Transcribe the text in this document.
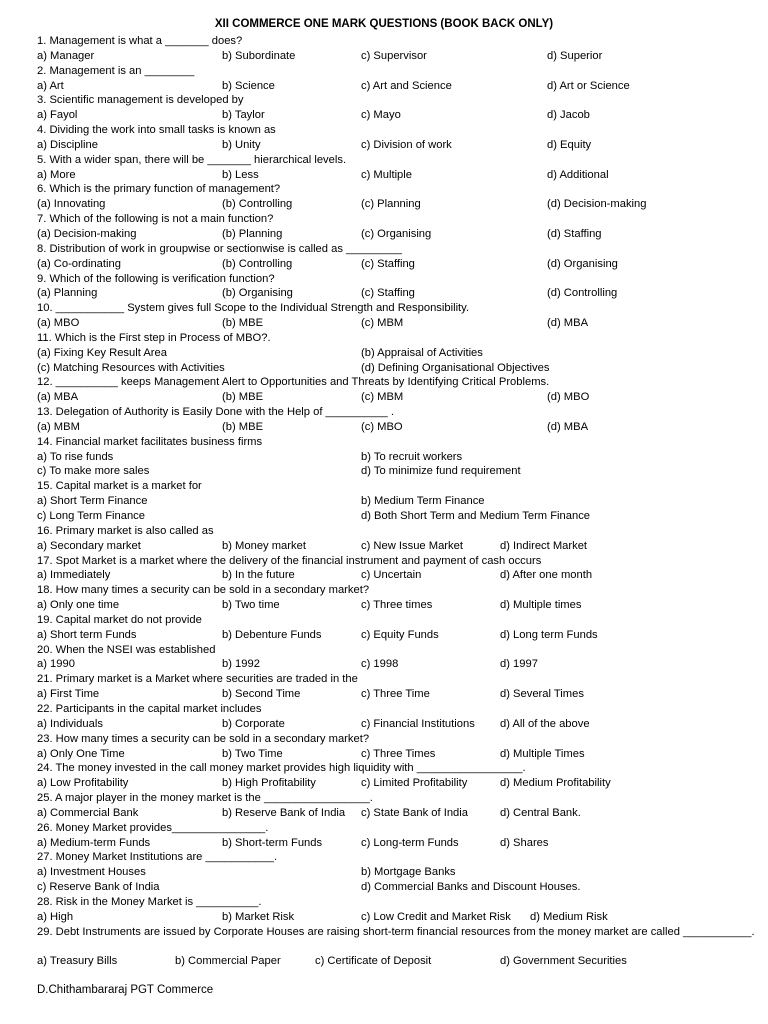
XII COMMERCE ONE MARK QUESTIONS (BOOK BACK ONLY)
1. Management is what a _______ does?
a) Manager	b) Subordinate	c) Supervisor	d) Superior
2. Management is an ________
a) Art	b) Science	c) Art and Science	d) Art or Science
3. Scientific management is developed by
a) Fayol	b) Taylor	c) Mayo	d) Jacob
4. Dividing the work into small tasks is known as
a) Discipline	b) Unity	c) Division of work	d) Equity
5. With a wider span, there will be _______ hierarchical levels.
a) More	b) Less	c) Multiple	d) Additional
6. Which is the primary function of management?
(a) Innovating	(b) Controlling	(c) Planning	(d) Decision-making
7. Which of the following is not a main function?
(a) Decision-making	(b) Planning	(c) Organising	(d) Staffing
8. Distribution of work in groupwise or sectionwise is called as _________
(a) Co-ordinating	(b) Controlling	(c) Staffing	(d) Organising
9. Which of the following is verification function?
(a) Planning	(b) Organising	(c) Staffing	(d) Controlling
10. ___________ System gives full Scope to the Individual Strength and Responsibility.
(a) MBO	(b) MBE	(c) MBM	(d) MBA
11. Which is the First step in Process of MBO?.
(a) Fixing Key Result Area	(b) Appraisal of Activities
(c) Matching Resources with Activities	(d) Defining Organisational Objectives
12. __________ keeps Management Alert to Opportunities and Threats by Identifying Critical Problems.
(a) MBA	(b) MBE	(c) MBM	(d) MBO
13. Delegation of Authority is Easily Done with the Help of __________ .
(a) MBM	(b) MBE	(c) MBO	(d) MBA
14. Financial market facilitates business firms
a) To rise funds	b) To recruit workers
c) To make more sales	d) To minimize fund requirement
15. Capital market is a market for
a) Short Term Finance	b) Medium Term Finance
c) Long Term Finance	d) Both Short Term and Medium Term Finance
16. Primary market is also called as
a) Secondary market	b) Money market	c) New Issue Market	d) Indirect Market
17. Spot Market is a market where the delivery of the financial instrument and payment of cash occurs
a) Immediately	b) In the future	c) Uncertain	d) After one month
18. How many times a security can be sold in a secondary market?
a) Only one time	b) Two time	c) Three times	d) Multiple times
19. Capital market do not provide
a) Short term Funds	b) Debenture Funds	c) Equity Funds	d) Long term Funds
20. When the NSEI was established
a) 1990	b) 1992	c) 1998	d) 1997
21. Primary market is a Market where securities are traded in the
a) First Time	b) Second Time	c) Three Time	d) Several Times
22. Participants in the capital market includes
a) Individuals	b) Corporate	c) Financial Institutions d) All of the above
23. How many times a security can be sold in a secondary market?
a) Only One Time	b) Two Time	c) Three Times	d) Multiple Times
24. The money invested in the call money market provides high liquidity with _________________.
a) Low Profitability	b) High Profitability	c) Limited Profitability	d) Medium Profitability
25. A major player in the money market is the _________________.
a) Commercial Bank	b) Reserve Bank of India c) State Bank of India	d) Central Bank.
26. Money Market provides_______________.
a) Medium-term Funds	b) Short-term Funds	c) Long-term Funds	d) Shares
27. Money Market Institutions are ___________.
a) Investment Houses	b) Mortgage Banks
c) Reserve Bank of India	d) Commercial Banks and Discount Houses.
28. Risk in the Money Market is __________.
a) High	b) Market Risk	c) Low Credit and Market Risk d) Medium Risk
29. Debt Instruments are issued by Corporate Houses are raising short-term financial resources from the money market are called ___________.
a) Treasury Bills	b) Commercial Paper	c) Certificate of Deposit	d) Government Securities
D.Chithambararaj PGT Commerce
